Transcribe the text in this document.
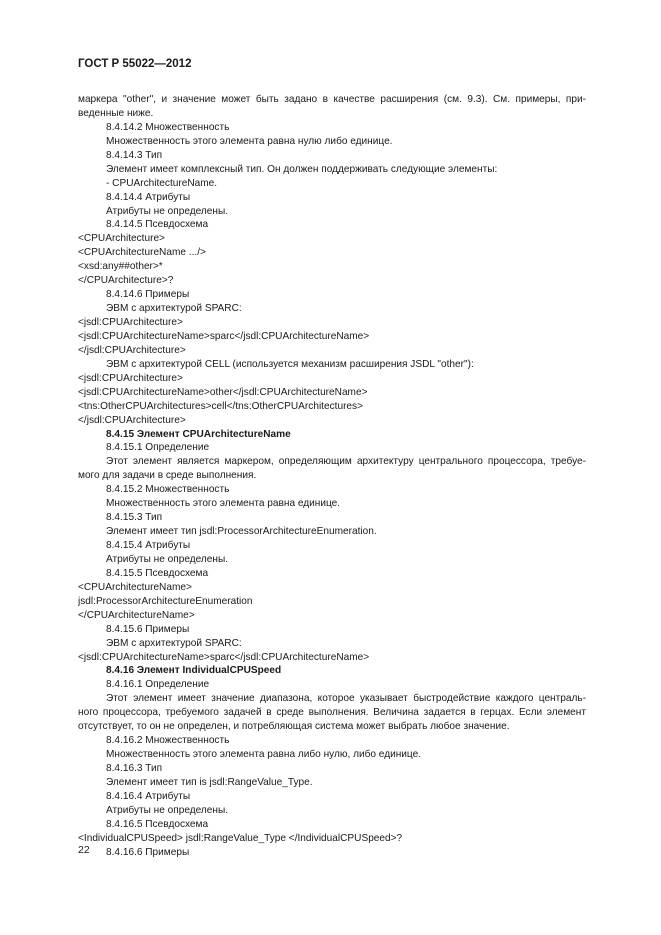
ГОСТ Р 55022—2012
маркера "other", и значение может быть задано в качестве расширения (см. 9.3). См. примеры, при-
веденные ниже.
8.4.14.2 Множественность
Множественность этого элемента равна нулю либо единице.
8.4.14.3 Тип
Элемент имеет комплексный тип. Он должен поддерживать следующие элементы:
- CPUArchitectureName.
8.4.14.4 Атрибуты
Атрибуты не определены.
8.4.14.5 Псевдосхема
<CPUArchitecture>
<CPUArchitectureName .../>
<xsd:any##other>*
</CPUArchitecture>?
8.4.14.6 Примеры
ЭВМ с архитектурой SPARC:
<jsdl:CPUArchitecture>
<jsdl:CPUArchitectureName>sparc</jsdl:CPUArchitectureName>
</jsdl:CPUArchitecture>
ЭВМ с архитектурой CELL (используется механизм расширения JSDL "other"):
<jsdl:CPUArchitecture>
<jsdl:CPUArchitectureName>other</jsdl:CPUArchitectureName>
<tns:OtherCPUArchitectures>cell</tns:OtherCPUArchitectures>
</jsdl:CPUArchitecture>
8.4.15 Элемент CPUArchitectureName
8.4.15.1 Определение
Этот элемент является маркером, определяющим архитектуру центрального процессора, требуе-
мого для задачи в среде выполнения.
8.4.15.2 Множественность
Множественность этого элемента равна единице.
8.4.15.3 Тип
Элемент имеет тип jsdl:ProcessorArchitectureEnumeration.
8.4.15.4 Атрибуты
Атрибуты не определены.
8.4.15.5 Псевдосхема
<CPUArchitectureName>
jsdl:ProcessorArchitectureEnumeration
</CPUArchitectureName>
8.4.15.6 Примеры
ЭВМ с архитектурой SPARC:
<jsdl:CPUArchitectureName>sparc</jsdl:CPUArchitectureName>
8.4.16 Элемент IndividualCPUSpeed
8.4.16.1 Определение
Этот элемент имеет значение диапазона, которое указывает быстродействие каждого централь-
ного процессора, требуемого задачей в среде выполнения. Величина задается в герцах. Если элемент
отсутствует, то он не определен, и потребляющая система может выбрать любое значение.
8.4.16.2 Множественность
Множественность этого элемента равна либо нулю, либо единице.
8.4.16.3 Тип
Элемент имеет тип is jsdl:RangeValue_Type.
8.4.16.4 Атрибуты
Атрибуты не определены.
8.4.16.5 Псевдосхема
<IndividualCPUSpeed> jsdl:RangeValue_Type </IndividualCPUSpeed>?
8.4.16.6 Примеры
22
